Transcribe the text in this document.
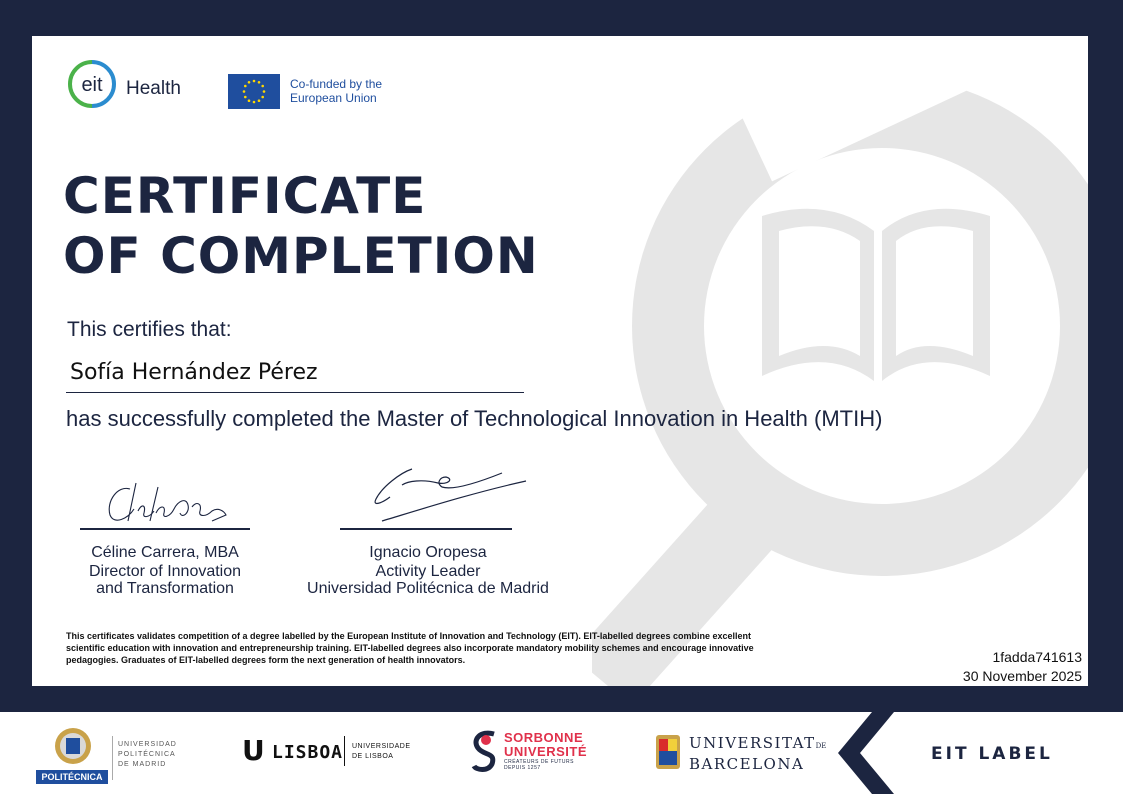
eit Health	Co-funded by the
European Union
CERTIFICATE
OF COMPLETION
This certifies that:
Sofía Hernández Pérez
has successfully completed the Master of Technological Innovation in Health (MTIH)
Céline Carrera, MBA
Director of Innovation
and Transformation
Ignacio Oropesa
Activity Leader
Universidad Politécnica de Madrid
This certificates validates competition of a degree labelled by the European Institute of Innovation and Technology (EIT). EIT-labelled degrees combine excellent scientific education with innovation and entrepreneurship training. EIT-labelled degrees also incorporate mandatory mobility schemes and encourage innovative pedagogies. Graduates of EIT-labelled degrees form the next generation of health innovators.	1fadda741613
30 November 2025
POLITÉCNICA
UNIVERSIDAD
POLITÉCNICA
DE MADRID	U LISBOA UNIVERSIDADE
DE LISBOA
SORBONNE
UNIVERSITÉ
CRÉATEURS DE FUTURS
DEPUIS 1257
UNIVERSITATDE
BARCELONA	EIT LABEL
